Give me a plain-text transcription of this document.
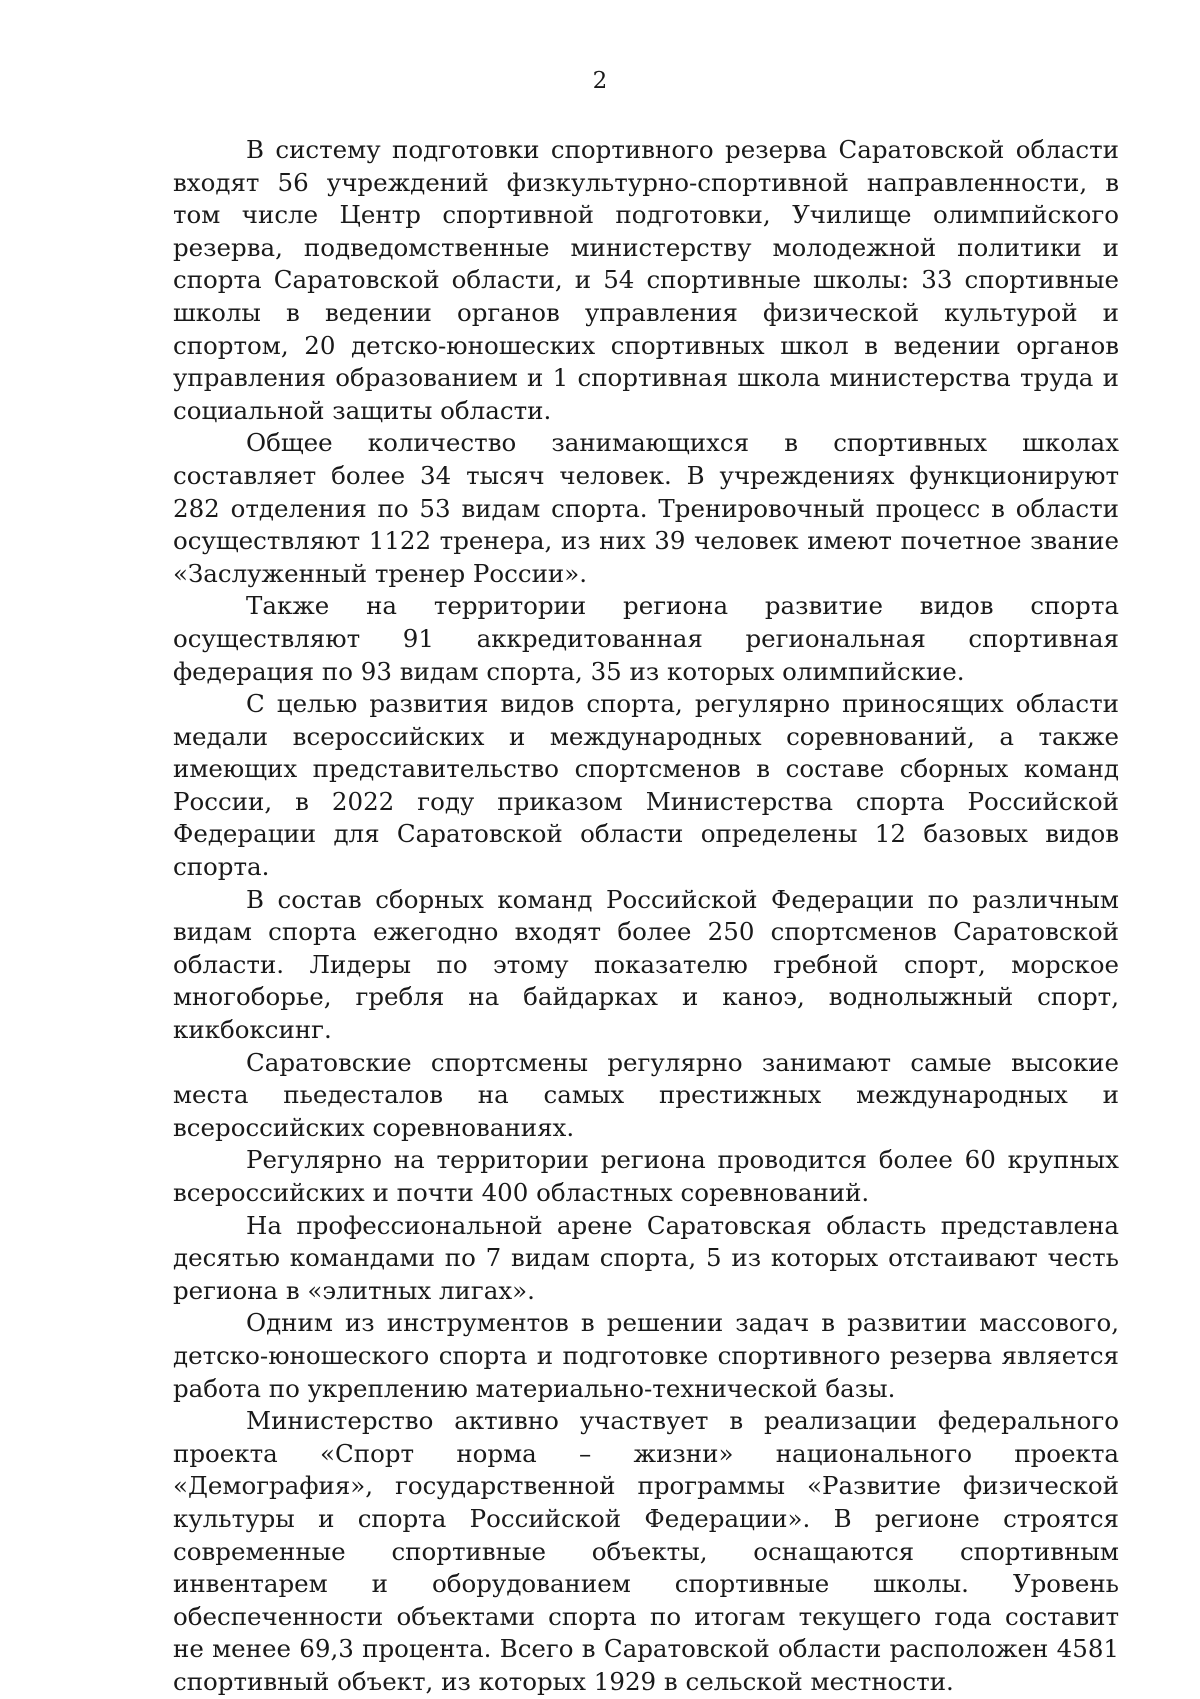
2

В систему подготовки спортивного резерва Саратовской области входят 56 учреждений физкультурно-спортивной направленности, в том числе Центр спортивной подготовки, Училище олимпийского резерва, подведомственные министерству молодежной политики и спорта Саратовской области, и 54 спортивные школы: 33 спортивные школы в ведении органов управления физической культурой и спортом, 20 детско-юношеских спортивных школ в ведении органов управления образованием и 1 спортивная школа министерства труда и социальной защиты области.

Общее количество занимающихся в спортивных школах составляет более 34 тысяч человек. В учреждениях функционируют 282 отделения по 53 видам спорта. Тренировочный процесс в области осуществляют 1122 тренера, из них 39 человек имеют почетное звание «Заслуженный тренер России».

Также на территории региона развитие видов спорта осуществляют 91 аккредитованная региональная спортивная федерация по 93 видам спорта, 35 из которых олимпийские.

С целью развития видов спорта, регулярно приносящих области медали всероссийских и международных соревнований, а также имеющих представительство спортсменов в составе сборных команд России, в 2022 году приказом Министерства спорта Российской Федерации для Саратовской области определены 12 базовых видов спорта.

В состав сборных команд Российской Федерации по различным видам спорта ежегодно входят более 250 спортсменов Саратовской области. Лидеры по этому показателю гребной спорт, морское многоборье, гребля на байдарках и каноэ, воднолыжный спорт, кикбоксинг.

Саратовские спортсмены регулярно занимают самые высокие места пьедесталов на самых престижных международных и всероссийских соревнованиях.

Регулярно на территории региона проводится более 60 крупных всероссийских и почти 400 областных соревнований.

На профессиональной арене Саратовская область представлена десятью командами по 7 видам спорта, 5 из которых отстаивают честь региона в «элитных лигах».

Одним из инструментов в решении задач в развитии массового, детско-юношеского спорта и подготовке спортивного резерва является работа по укреплению материально-технической базы.

Министерство активно участвует в реализации федерального проекта «Спорт норма – жизни» национального проекта «Демография», государственной программы «Развитие физической культуры и спорта Российской Федерации». В регионе строятся современные спортивные объекты, оснащаются спортивным инвентарем и оборудованием спортивные школы. Уровень обеспеченности объектами спорта по итогам текущего года составит не менее 69,3 процента. Всего в Саратовской области расположен 4581 спортивный объект, из которых 1929 в сельской местности.
